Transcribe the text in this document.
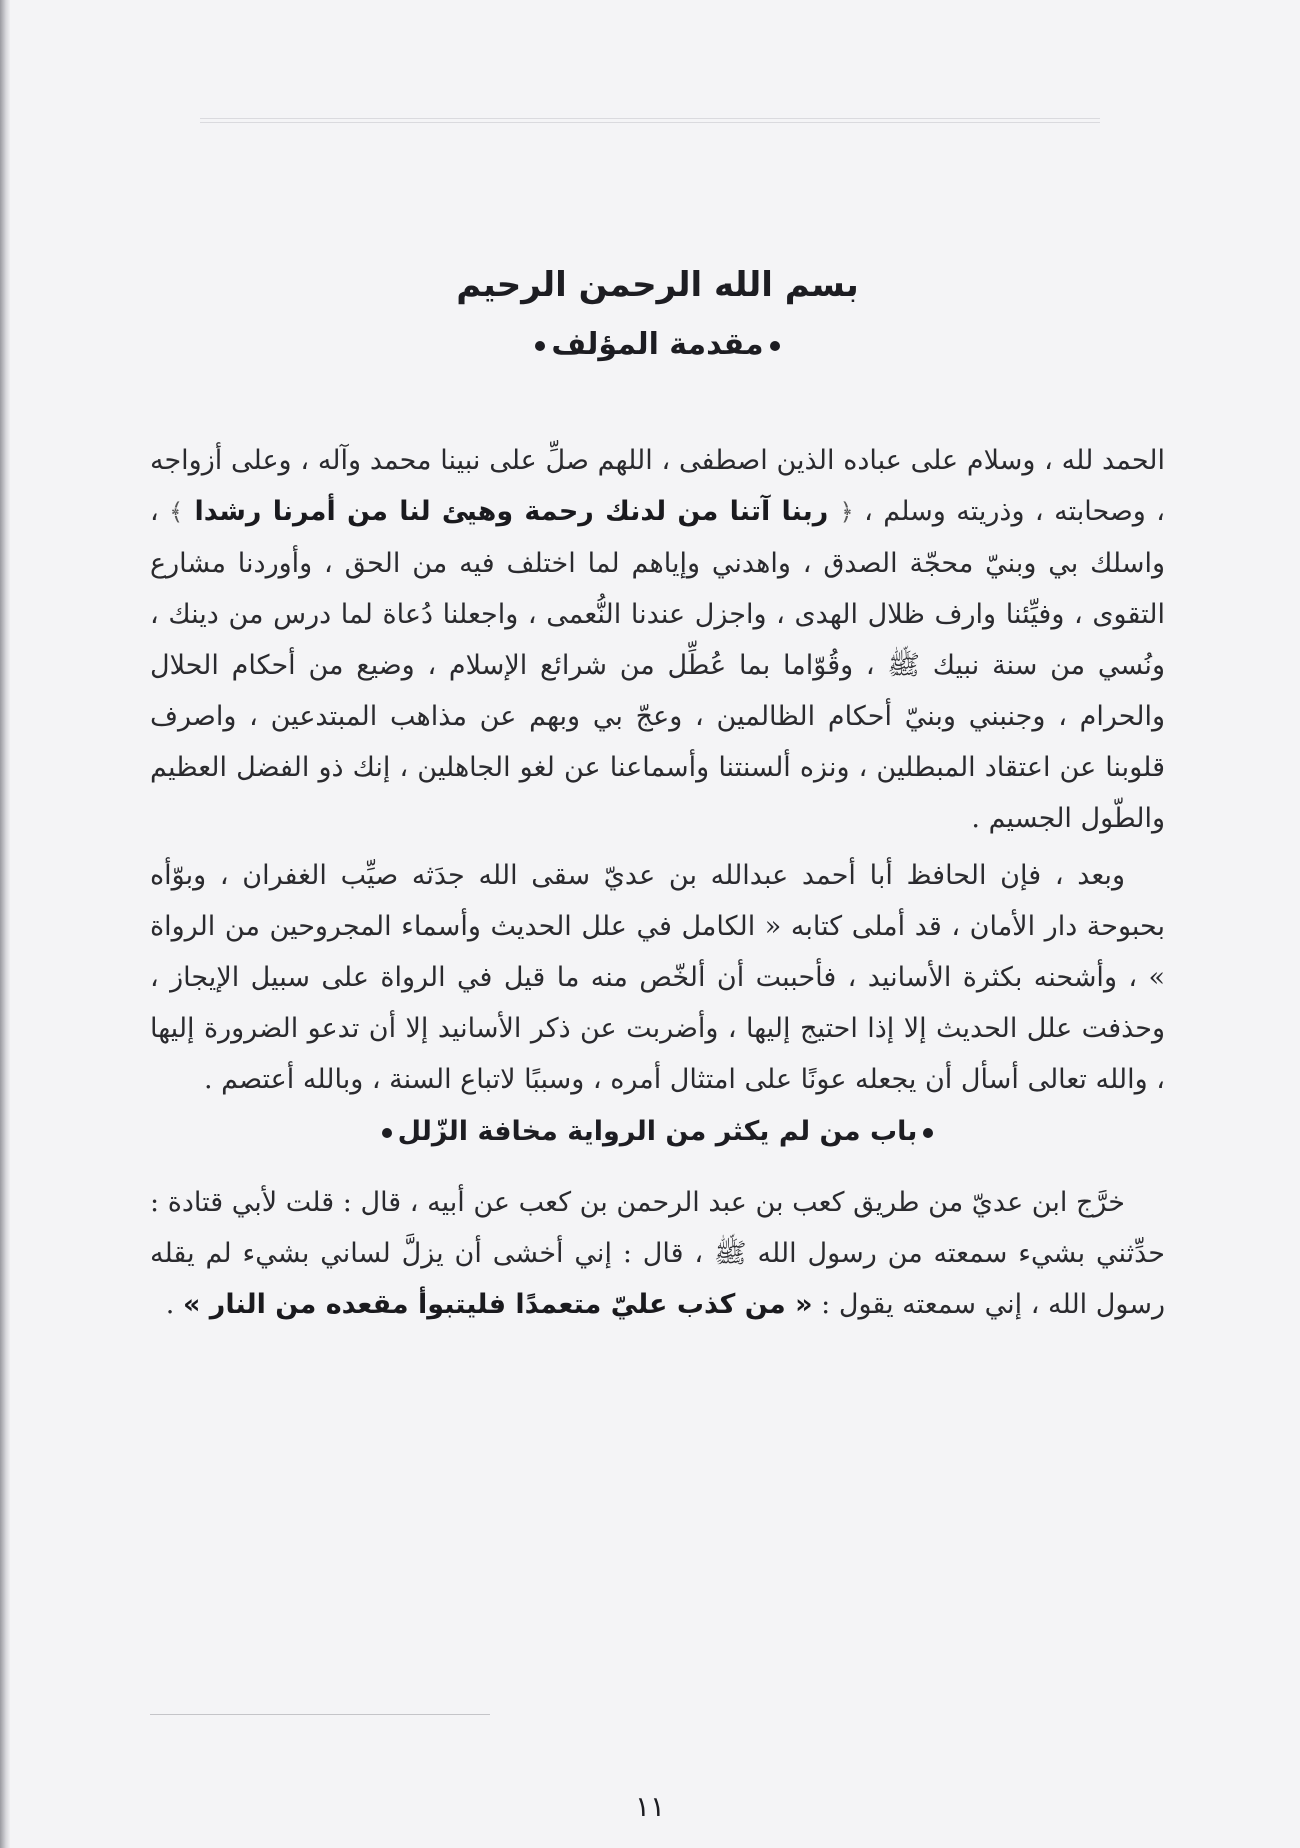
بسم الله الرحمن الرحيم
مقدمة المؤلف

الحمد لله ، وسلام على عباده الذين اصطفى ، اللهم صلِّ على نبينا محمد وآله ، وعلى أزواجه ، وصحابته ، وذريته وسلم ، ﴿ ربنا آتنا من لدنك رحمة وهيئ لنا من أمرنا رشدا ﴾ ، واسلك بي وبنيّ محجّة الصدق ، واهدني وإياهم لما اختلف فيه من الحق ، وأوردنا مشارع التقوى ، وفيِّئنا وارف ظلال الهدى ، واجزل عندنا النُّعمى ، واجعلنا دُعاة لما درس من دينك ، ونُسي من سنة نبيك ﷺ ، وقُوّاما بما عُطِّل من شرائع الإسلام ، وضيع من أحكام الحلال والحرام ، وجنبني وبنيّ أحكام الظالمين ، وعجّ بي وبهم عن مذاهب المبتدعين ، واصرف قلوبنا عن اعتقاد المبطلين ، ونزه ألسنتنا وأسماعنا عن لغو الجاهلين ، إنك ذو الفضل العظيم والطّول الجسيم .

وبعد ، فإن الحافظ أبا أحمد عبدالله بن عديّ سقى الله جدَثه صيِّب الغفران ، وبوّأه بحبوحة دار الأمان ، قد أملى كتابه « الكامل في علل الحديث وأسماء المجروحين من الرواة » ، وأشحنه بكثرة الأسانيد ، فأحببت أن ألخّص منه ما قيل في الرواة على سبيل الإيجاز ، وحذفت علل الحديث إلا إذا احتيج إليها ، وأضربت عن ذكر الأسانيد إلا أن تدعو الضرورة إليها ، والله تعالى أسأل أن يجعله عونًا على امتثال أمره ، وسببًا لاتباع السنة ، وبالله أعتصم .

باب من لم يكثر من الرواية مخافة الزّلل

خرَّج ابن عديّ من طريق كعب بن عبد الرحمن بن كعب عن أبيه ، قال : قلت لأبي قتادة : حدِّثني بشيء سمعته من رسول الله ﷺ ، قال : إني أخشى أن يزلَّ لساني بشيء لم يقله رسول الله ، إني سمعته يقول : « من كذب عليّ متعمدًا فليتبوأ مقعده من النار » .

١١
